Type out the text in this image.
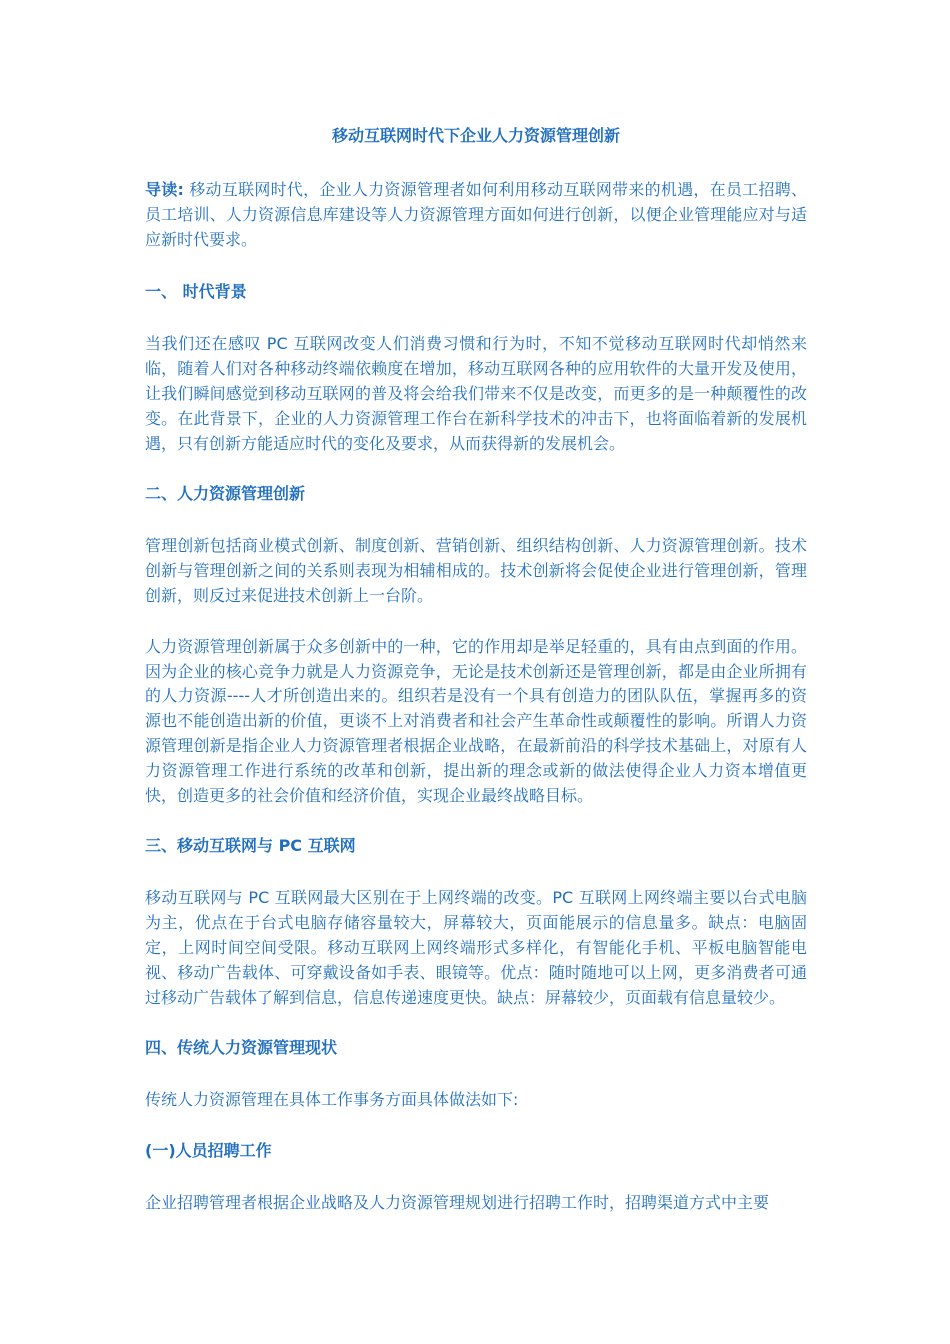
移动互联网时代下企业人力资源管理创新

导读: 移动互联网时代，企业人力资源管理者如何利用移动互联网带来的机遇，在员工招聘、员工培训、人力资源信息库建设等人力资源管理方面如何进行创新，以便企业管理能应对与适应新时代要求。

一、 时代背景

当我们还在感叹 PC 互联网改变人们消费习惯和行为时，不知不觉移动互联网时代却悄然来临，随着人们对各种移动终端依赖度在增加，移动互联网各种的应用软件的大量开发及使用，让我们瞬间感觉到移动互联网的普及将会给我们带来不仅是改变，而更多的是一种颠覆性的改变。在此背景下，企业的人力资源管理工作台在新科学技术的冲击下，也将面临着新的发展机遇，只有创新方能适应时代的变化及要求，从而获得新的发展机会。

二、人力资源管理创新

管理创新包括商业模式创新、制度创新、营销创新、组织结构创新、人力资源管理创新。技术创新与管理创新之间的关系则表现为相辅相成的。技术创新将会促使企业进行管理创新，管理创新，则反过来促进技术创新上一台阶。

人力资源管理创新属于众多创新中的一种，它的作用却是举足轻重的，具有由点到面的作用。因为企业的核心竞争力就是人力资源竞争，无论是技术创新还是管理创新，都是由企业所拥有的人力资源----人才所创造出来的。组织若是没有一个具有创造力的团队队伍，掌握再多的资源也不能创造出新的价值，更谈不上对消费者和社会产生革命性或颠覆性的影响。所谓人力资源管理创新是指企业人力资源管理者根据企业战略，在最新前沿的科学技术基础上，对原有人力资源管理工作进行系统的改革和创新，提出新的理念或新的做法使得企业人力资本增值更快，创造更多的社会价值和经济价值，实现企业最终战略目标。

三、移动互联网与 PC 互联网

移动互联网与 PC 互联网最大区别在于上网终端的改变。PC 互联网上网终端主要以台式电脑为主，优点在于台式电脑存储容量较大，屏幕较大，页面能展示的信息量多。缺点：电脑固定，上网时间空间受限。移动互联网上网终端形式多样化，有智能化手机、平板电脑智能电视、移动广告载体、可穿戴设备如手表、眼镜等。优点：随时随地可以上网，更多消费者可通过移动广告载体了解到信息，信息传递速度更快。缺点：屏幕较少，页面载有信息量较少。

四、传统人力资源管理现状

传统人力资源管理在具体工作事务方面具体做法如下:

(一)人员招聘工作

企业招聘管理者根据企业战略及人力资源管理规划进行招聘工作时，招聘渠道方式中主要
